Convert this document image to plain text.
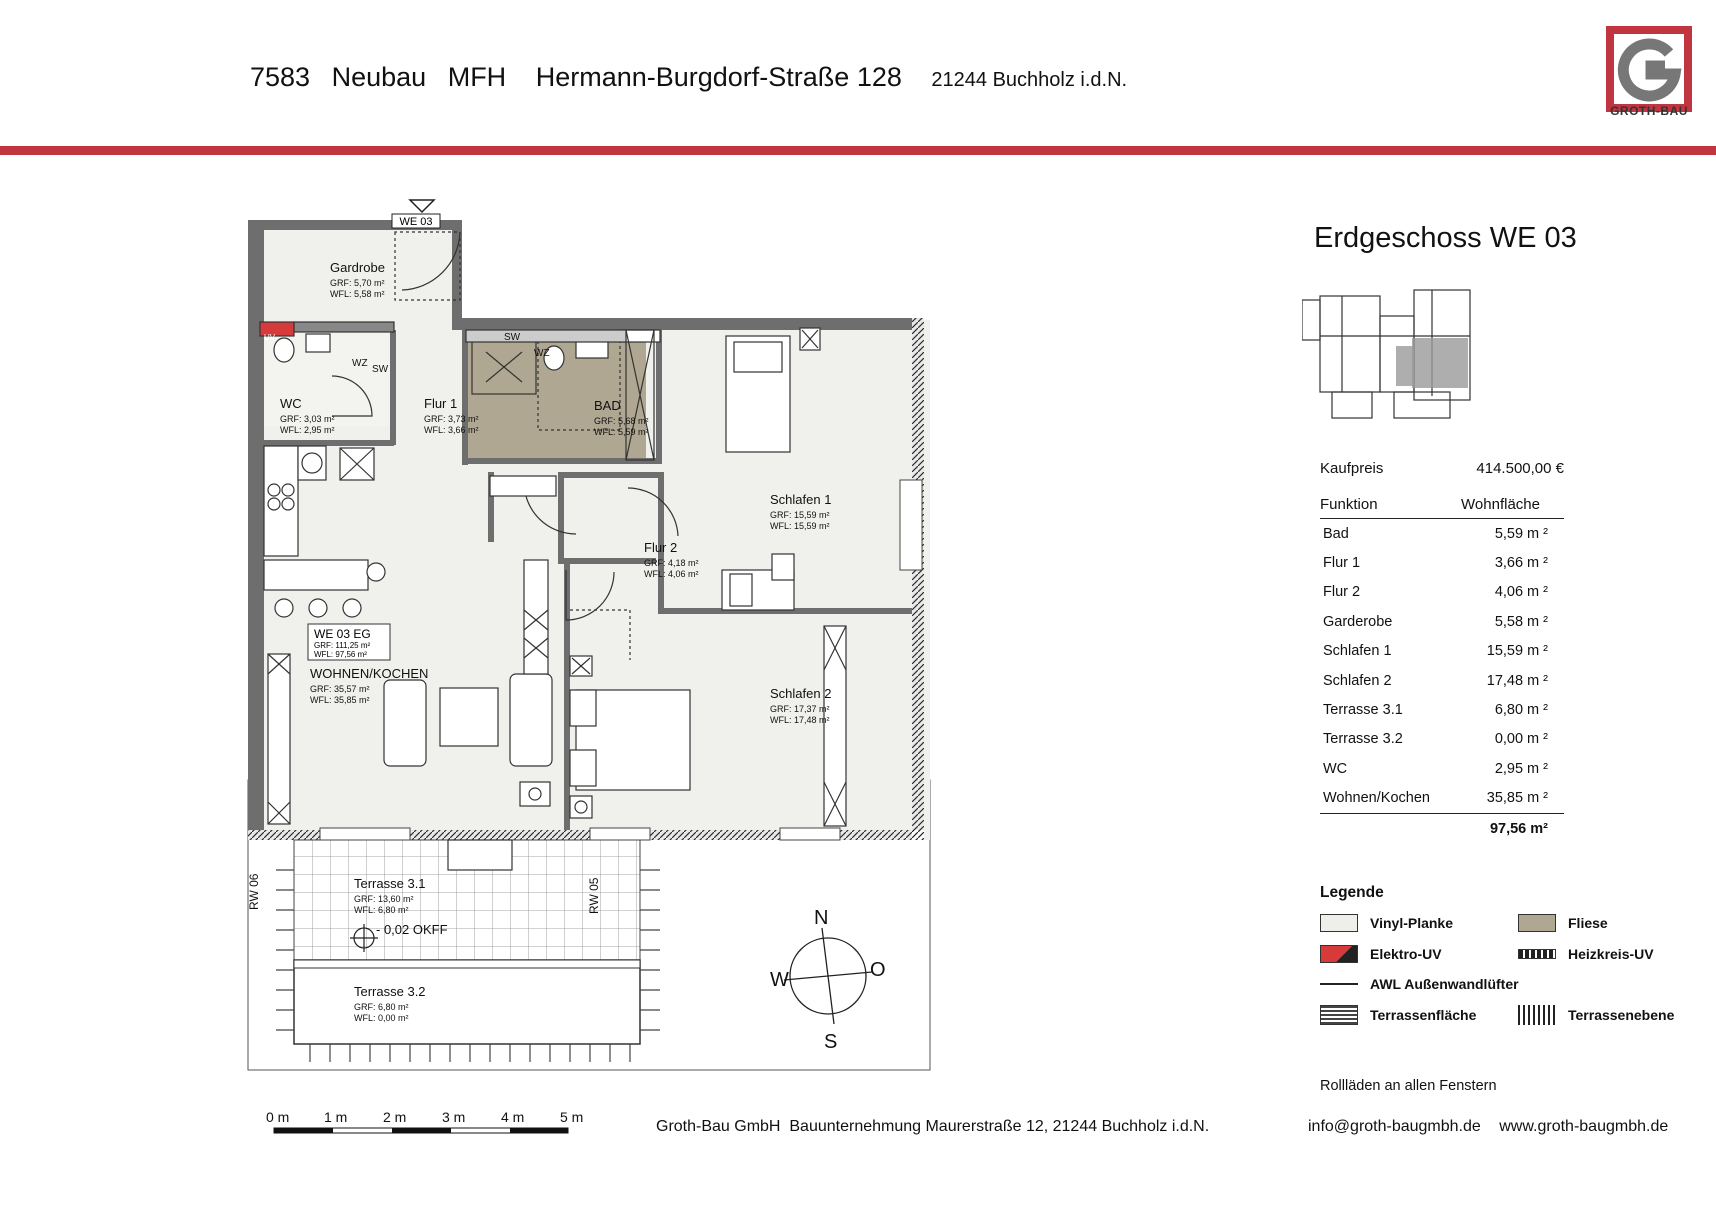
7583 Neubau MFH Hermann-Burgdorf-Straße 128 21244 Buchholz i.d.N.
GROTH-BAU
WE 03
Gardrobe
GRF: 5,70 m²
WFL: 5,58 m²
WC
GRF: 3,03 m²
WFL: 2,95 m²
Flur 1
GRF: 3,73 m²
WFL: 3,66 m²
BAD
GRF: 5,68 m²
WFL: 5,59 m²
Schlafen 1
GRF: 15,59 m²
WFL: 15,59 m²
Flur 2
GRF: 4,18 m²
WFL: 4,06 m²
WOHNEN/KOCHEN
GRF: 35,57 m²
WFL: 35,85 m²	Schlafen 2
GRF: 17,37 m²
WFL: 17,48 m²
Terrasse 3.1
GRF: 13,60 m²
WFL: 6,80 m²
Terrasse 3.2
GRF: 6,80 m²
WFL: 0,00 m²
- 0,02 OKFF
WE 03 EG
GRF: 111,25 m²
WFL: 97,56 m²
WZ
SW
WZ
SW
UV
RW 06	RW 05
N
O
S
W
Erdgeschoss WE 03
Kaufpreis	414.500,00 €
Funktion	Wohnfläche
Bad	5,59 m ²
Flur 1	3,66 m ²
Flur 2	4,06 m ²
Garderobe	5,58 m ²
Schlafen 1	15,59 m ²
Schlafen 2	17,48 m ²
Terrasse 3.1	6,80 m ²
Terrasse 3.2	0,00 m ²
WC	2,95 m ²
Wohnen/Kochen	35,85 m ²
97,56 m²
Legende
Vinyl-Planke	Fliese
Elektro-UV	Heizkreis-UV
AWL Außenwandlüfter
Terrassenfläche	Terrassenebene
Rollläden an allen Fenstern
0 m 1 m	2 m	3 m	4 m	5 m
Groth-Bau GmbH  Bauunternehmung Maurerstraße 12, 21244 Buchholz i.d.N.	info@groth-baugmbh.de www.groth-baugmbh.de
